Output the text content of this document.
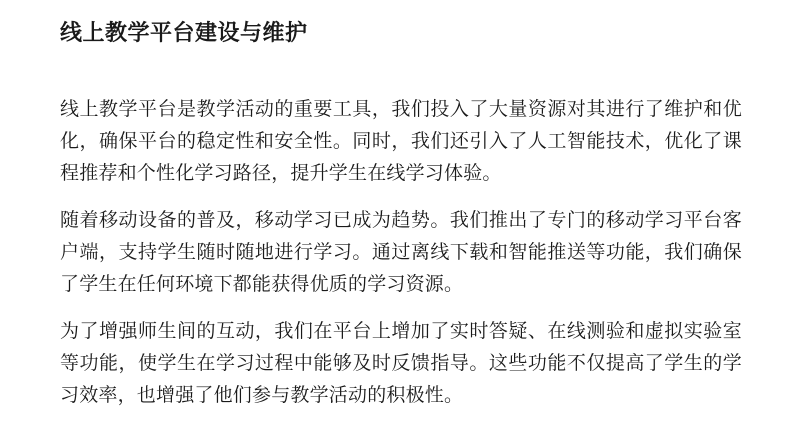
线上教学平台建设与维护

线上教学平台是教学活动的重要工具，我们投入了大量资源对其进行了维护和优化，确保平台的稳定性和安全性。同时，我们还引入了人工智能技术，优化了课程推荐和个性化学习路径，提升学生在线学习体验。

随着移动设备的普及，移动学习已成为趋势。我们推出了专门的移动学习平台客户端，支持学生随时随地进行学习。通过离线下载和智能推送等功能，我们确保了学生在任何环境下都能获得优质的学习资源。

为了增强师生间的互动，我们在平台上增加了实时答疑、在线测验和虚拟实验室等功能，使学生在学习过程中能够及时反馈指导。这些功能不仅提高了学生的学习效率，也增强了他们参与教学活动的积极性。
